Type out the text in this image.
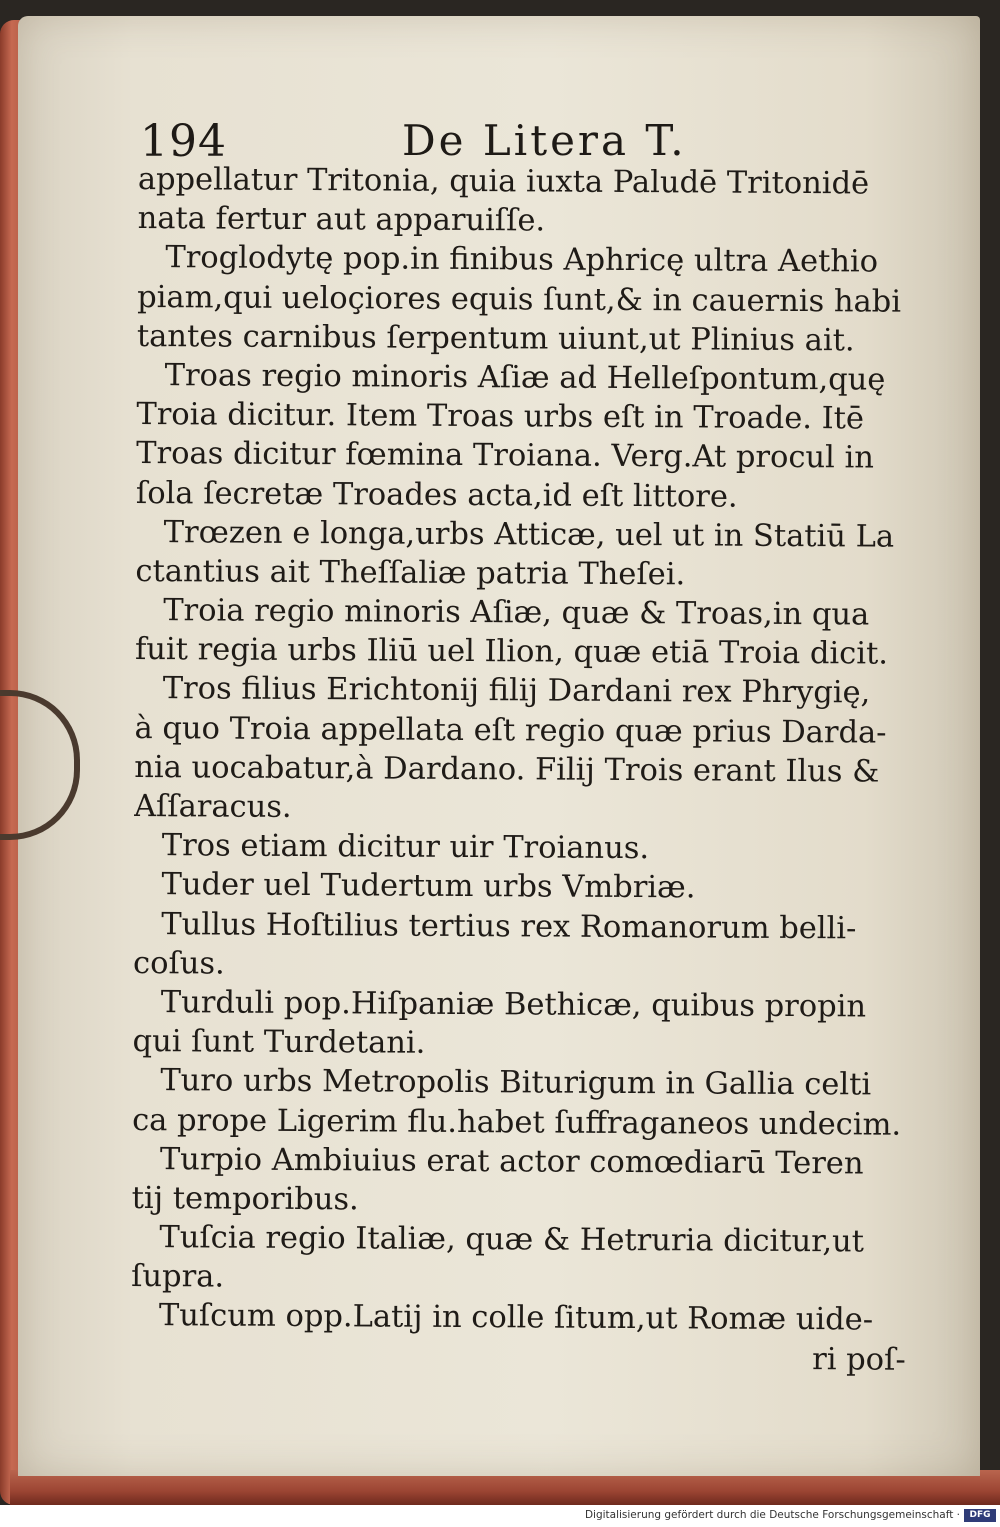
194	De Litera T.
appellatur Tritonia, quia iuxta Paludē Tritonidē
nata fertur aut apparuiſſe.
Troglodytę pop.in finibus Aphricę ultra Aethio
piam,qui ueloçiores equis ſunt,& in cauernis habi
tantes carnibus ſerpentum uiunt,ut Plinius ait.
Troas regio minoris Aſiæ ad Helleſpontum,quę
Troia dicitur. Item Troas urbs eſt in Troade. Itē
Troas dicitur fœmina Troiana. Verg.At procul in
ſola ſecretæ Troades acta,id eſt littore.
Trœzen e longa,urbs Atticæ, uel ut in Statiū La
ctantius ait Theſſaliæ patria Theſei.
Troia regio minoris Aſiæ, quæ & Troas,in qua
fuit regia urbs Iliū uel Ilion, quæ etiā Troia dicit.
Tros filius Erichtonij filij Dardani rex Phrygię,
à quo Troia appellata eſt regio quæ prius Darda-
nia uocabatur,à Dardano. Filij Trois erant Ilus &
Aſſaracus.
Tros etiam dicitur uir Troianus.
Tuder uel Tudertum urbs Vmbriæ.
Tullus Hoſtilius tertius rex Romanorum belli-
coſus.
Turduli pop.Hiſpaniæ Bethicæ, quibus propin
qui ſunt Turdetani.
Turo urbs Metropolis Biturigum in Gallia celti
ca prope Ligerim flu.habet ſuffraganeos undecim.
Turpio Ambiuius erat actor comœdiarū Teren
tij temporibus.
Tuſcia regio Italiæ, quæ & Hetruria dicitur,ut
ſupra.
Tuſcum opp.Latij in colle ſitum,ut Romæ uide-
ri poſ-
Digitalisierung gefördert durch die Deutsche Forschungsgemeinschaft ·	DFG
